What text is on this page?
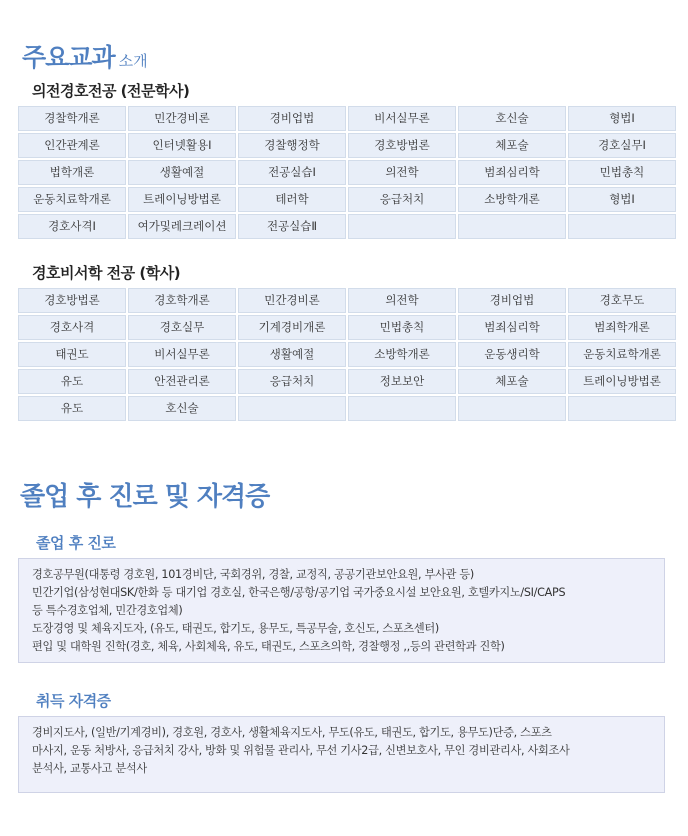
주요교과 소개
의전경호전공 (전문학사)
경찰학개론	민간경비론	경비업법	비서실무론	호신술	형법Ⅰ
인간관계론	인터넷활용Ⅰ	경찰행정학	경호방법론	체포술	경호실무Ⅰ
법학개론	생활예절	전공실습Ⅰ	의전학	범죄심리학	민법총칙
운동치료학개론	트레이닝방법론	테러학	응급처치	소방학개론	형법Ⅰ
경호사격Ⅰ	여가및레크레이션	전공실습Ⅱ
경호비서학 전공 (학사)
경호방법론	경호학개론	민간경비론	의전학	경비업법	경호무도
경호사격	경호실무	기계경비개론	민법총칙	범죄심리학	범죄학개론
태권도	비서실무론	생활예절	소방학개론	운동생리학	운동치료학개론
유도	안전관리론	응급처치	정보보안	체포술	트레이닝방법론
유도	호신술
졸업 후 진로 및 자격증
졸업 후 진로

경호공무원(대통령 경호원, 101경비단, 국회경위, 경찰, 교정직, 공공기관보안요원, 부사관 등)

민간기업(삼성현대SK/한화 등 대기업 경호실, 한국은행/공항/공기업 국가중요시설 보안요원, 호텔카지노/SI/CAPS

등 특수경호업체, 민간경호업체)

도장경영 및 체육지도자, (유도, 태권도, 합기도, 용무도, 특공무술, 호신도, 스포츠센터)

편입 및 대학원 진학(경호, 체육, 사회체육, 유도, 태권도, 스포츠의학, 경찰행정 ,,등의 관련학과 진학)

취득 자격증

경비지도사, (일반/기계경비), 경호원, 경호사, 생활체육지도사, 무도(유도, 태권도, 합기도, 용무도)단증, 스포츠

마사지, 운동 처방사, 응급처치 강사, 방화 및 위험물 관리사, 무선 기사2급, 신변보호사, 무인 경비관리사, 사회조사

분석사, 교통사고 분석사
